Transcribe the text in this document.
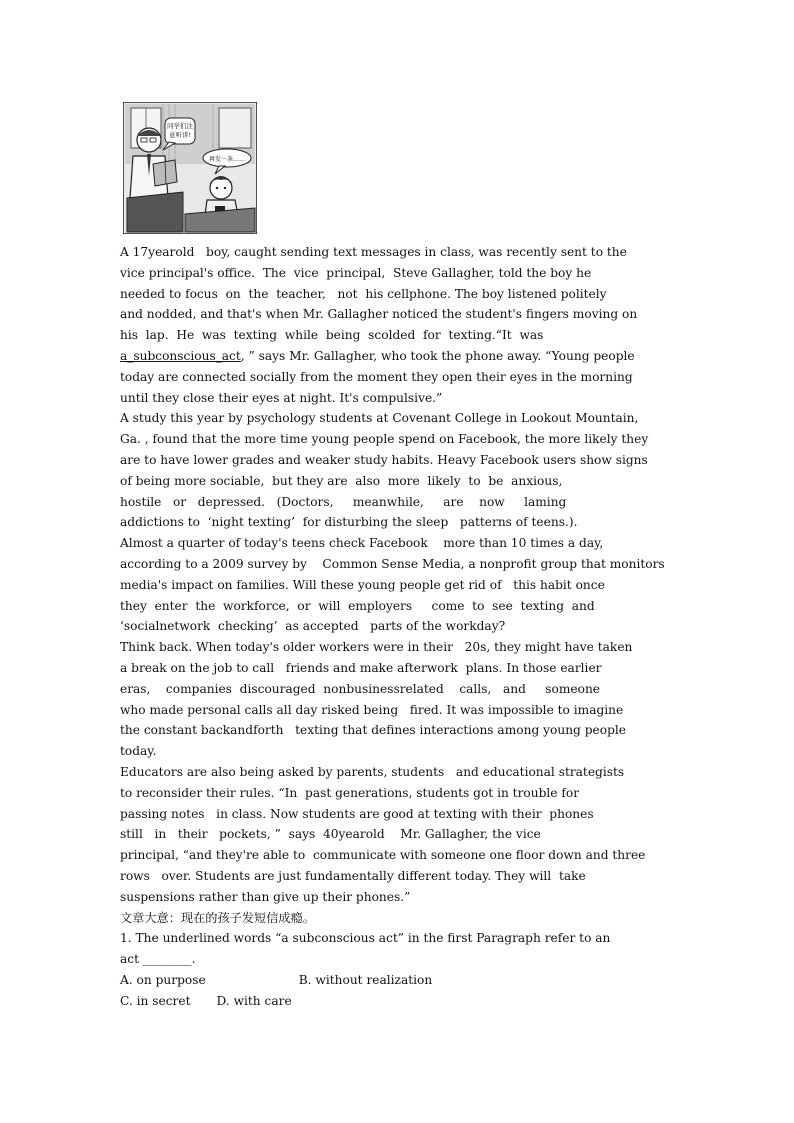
同学们注意听讲!
再发一条……
A 17yearold   boy, caught sending text messages in class, was recently sent to the
vice principal's office.  The  vice  principal,  Steve Gallagher, told the boy he
needed to focus  on  the  teacher,   not  his cellphone. The boy listened politely
and nodded, and that's when Mr. Gallagher noticed the student's fingers moving on
his  lap.  He  was  texting  while  being  scolded  for  texting.“It  was
a_subconscious_act, ” says Mr. Gallagher, who took the phone away. “Young people
today are connected socially from the moment they open their eyes in the morning
until they close their eyes at night. It's compulsive.”
A study this year by psychology students at Covenant College in Lookout Mountain,
Ga. , found that the more time young people spend on Facebook, the more likely they
are to have lower grades and weaker study habits. Heavy Facebook users show signs
of being more sociable,  but they are  also  more  likely  to  be  anxious,
hostile   or   depressed.   (Doctors,     meanwhile,     are    now     laming
addictions to  ‘night texting’  for disturbing the sleep   patterns of teens.).
Almost a quarter of today's teens check Facebook    more than 10 times a day,
according to a 2009 survey by    Common Sense Media, a nonprofit group that monitors
media's impact on families. Will these young people get rid of   this habit once
they  enter  the  workforce,  or  will  employers     come  to  see  texting  and
‘socialnetwork  checking’  as accepted   parts of the workday?
Think back. When today's older workers were in their   20s, they might have taken
a break on the job to call   friends and make afterwork  plans. In those earlier
eras,    companies  discouraged  nonbusinessrelated    calls,   and     someone
who made personal calls all day risked being   fired. It was impossible to imagine
the constant backandforth   texting that defines interactions among young people
today.
Educators are also being asked by parents, students   and educational strategists
to reconsider their rules. “In  past generations, students got in trouble for
passing notes   in class. Now students are good at texting with their  phones
still   in   their   pockets, ”  says  40yearold    Mr. Gallagher, the vice
principal, “and they're able to  communicate with someone one floor down and three
rows   over. Students are just fundamentally different today. They will  take
suspensions rather than give up their phones.”
文章大意：现在的孩子发短信成瘾。
1. The underlined words “a subconscious act” in the first Paragraph refer to an
act ________.
A. on purpose	B. without realization
C. in secret D. with care
